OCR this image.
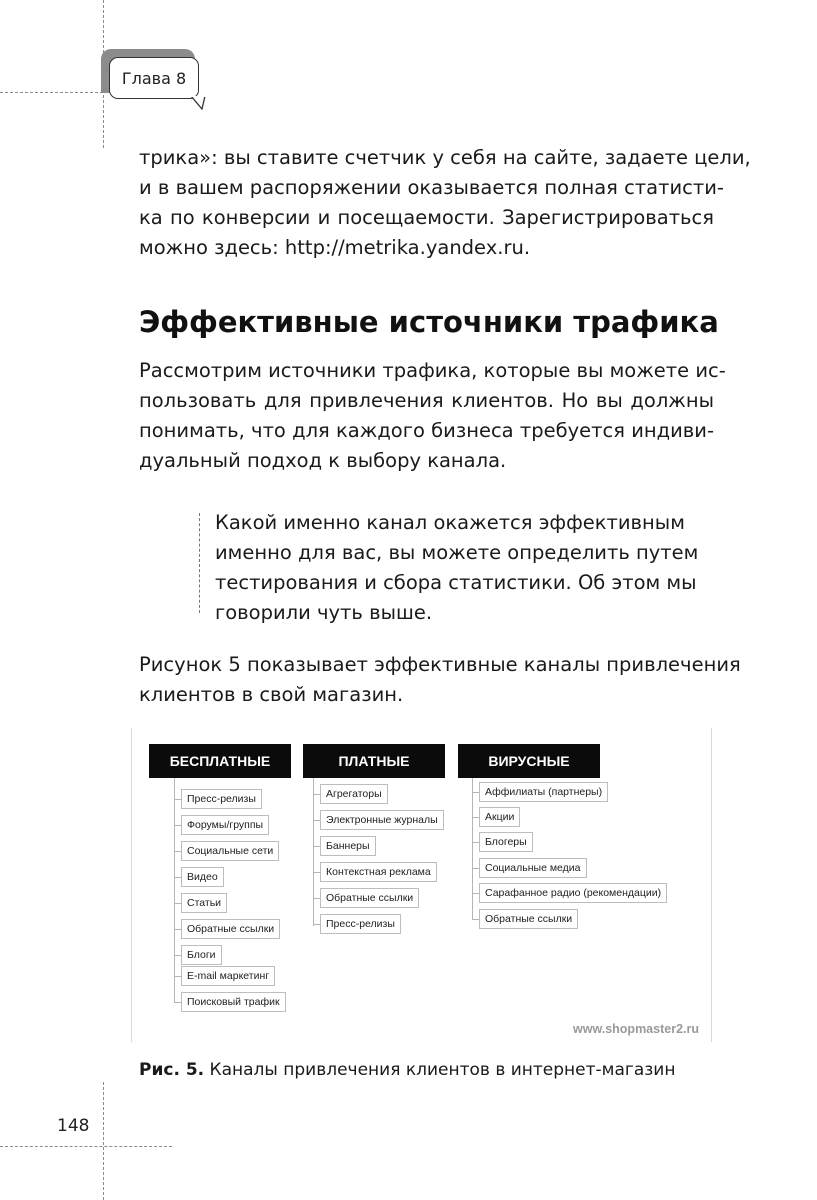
Глава 8

трика»: вы ставите счетчик у себя на сайте, задаете цели,
и в вашем распоряжении оказывается полная статисти-
ка по конверсии и посещаемости. Зарегистрироваться
можно здесь: http://metrika.yandex.ru.

Эффективные источники трафика

Рассмотрим источники трафика, которые вы можете ис-
пользовать для привлечения клиентов. Но вы должны
понимать, что для каждого бизнеса требуется индиви-
дуальный подход к выбору канала.

Какой именно канал окажется эффективным
именно для вас, вы можете определить путем
тестирования и сбора статистики. Об этом мы
говорили чуть выше.

Рисунок 5 показывает эффективные каналы привлечения
клиентов в свой магазин.

БЕСПЛАТНЫЕ
Пресс-релизы
Форумы/группы
Социальные сети
Видео
Статьи
Обратные ссылки
Блоги
E-mail маркетинг
Поисковый трафик
ПЛАТНЫЕ
Агрегаторы
Электронные журналы
Баннеры
Контекстная реклама
Обратные ссылки
Пресс-релизы
ВИРУСНЫЕ
Аффилиаты (партнеры)
Акции
Блогеры
Социальные медиа
Сарафанное радио (рекомендации)
Обратные ссылки
www.shopmaster2.ru
Рис. 5. Каналы привлечения клиентов в интернет-магазин
148
